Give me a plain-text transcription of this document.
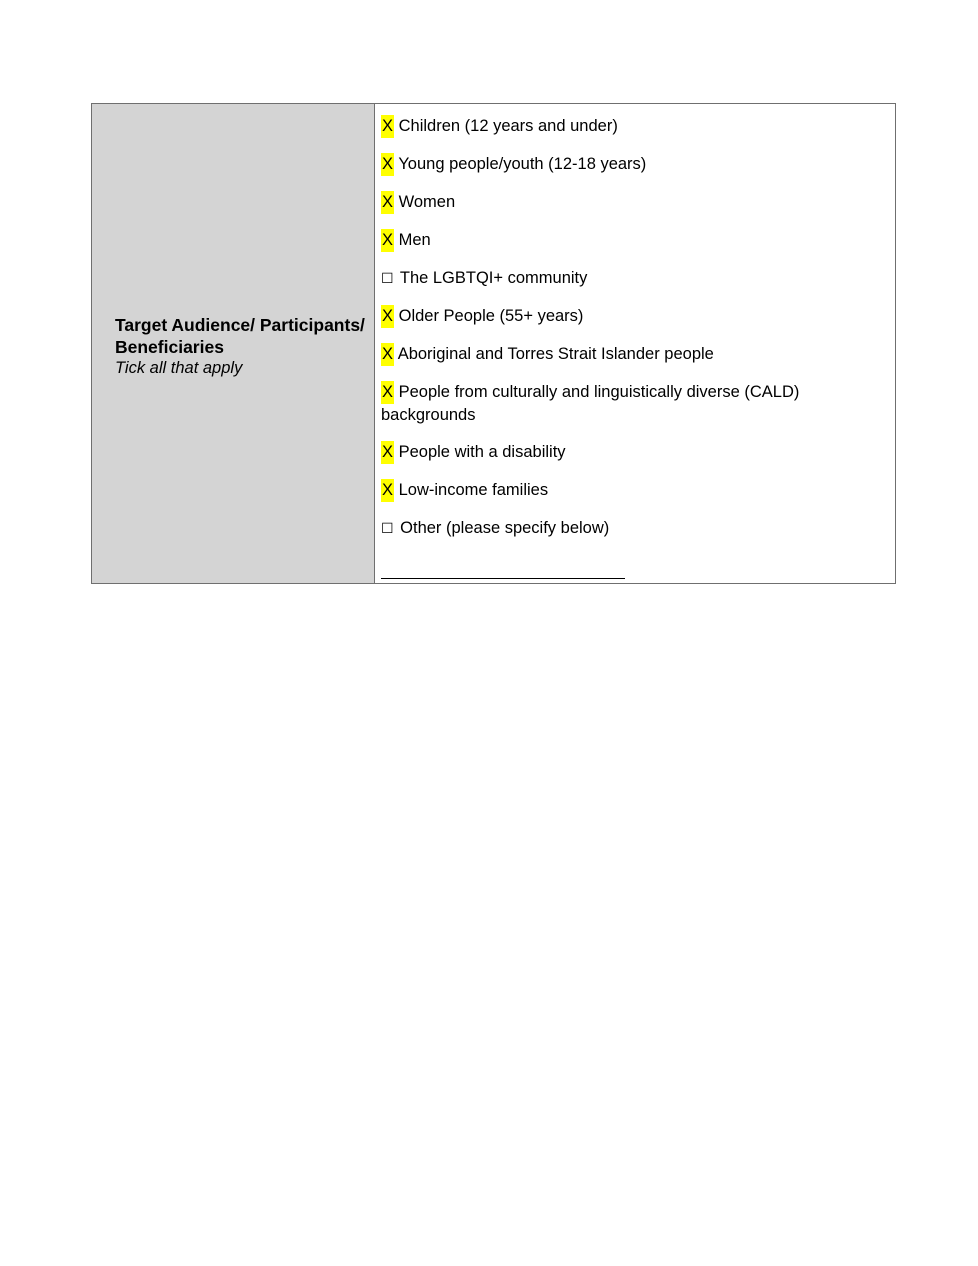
Target Audience/ Participants/ Beneficiaries
Tick all that apply
X Children (12 years and under)
X Young people/youth (12-18 years)
X Women
X Men
☐ The LGBTQI+ community
X Older People (55+ years)
X Aboriginal and Torres Strait Islander people
X People from culturally and linguistically diverse (CALD) backgrounds
X People with a disability
X Low-income families
☐ Other (please specify below)
